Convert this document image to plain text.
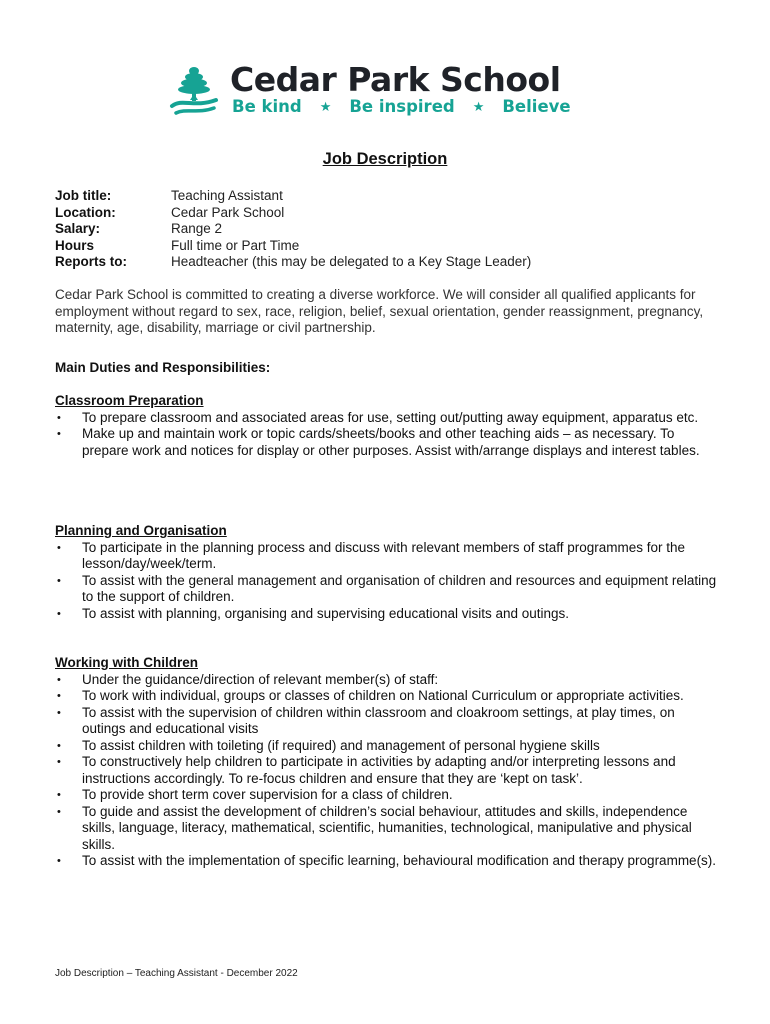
Cedar Park School
Be kind ★ Be inspired ★ Believe
Job Description
Job title:	Teaching Assistant
Location:	Cedar Park School
Salary:	Range 2
Hours	Full time or Part Time
Reports to:	Headteacher (this may be delegated to a Key Stage Leader)
Cedar Park School is committed to creating a diverse workforce. We will consider all qualified applicants for employment without regard to sex, race, religion, belief, sexual orientation, gender reassignment, pregnancy, maternity, age, disability, marriage or civil partnership.
Main Duties and Responsibilities:
Classroom Preparation
• To prepare classroom and associated areas for use, setting out/putting away equipment, apparatus etc.
• Make up and maintain work or topic cards/sheets/books and other teaching aids – as necessary. To prepare work and notices for display or other purposes. Assist with/arrange displays and interest tables.
Planning and Organisation
• To participate in the planning process and discuss with relevant members of staff programmes for the lesson/day/week/term.
• To assist with the general management and organisation of children and resources and equipment relating to the support of children.
• To assist with planning, organising and supervising educational visits and outings.
Working with Children
• Under the guidance/direction of relevant member(s) of staff:
• To work with individual, groups or classes of children on National Curriculum or appropriate activities.
• To assist with the supervision of children within classroom and cloakroom settings, at play times, on outings and educational visits
• To assist children with toileting (if required) and management of personal hygiene skills
• To constructively help children to participate in activities by adapting and/or interpreting lessons and instructions accordingly. To re-focus children and ensure that they are ‘kept on task’.
• To provide short term cover supervision for a class of children.
• To guide and assist the development of children’s social behaviour, attitudes and skills, independence skills, language, literacy, mathematical, scientific, humanities, technological, manipulative and physical skills.
• To assist with the implementation of specific learning, behavioural modification and therapy programme(s).
Job Description – Teaching Assistant - December 2022
